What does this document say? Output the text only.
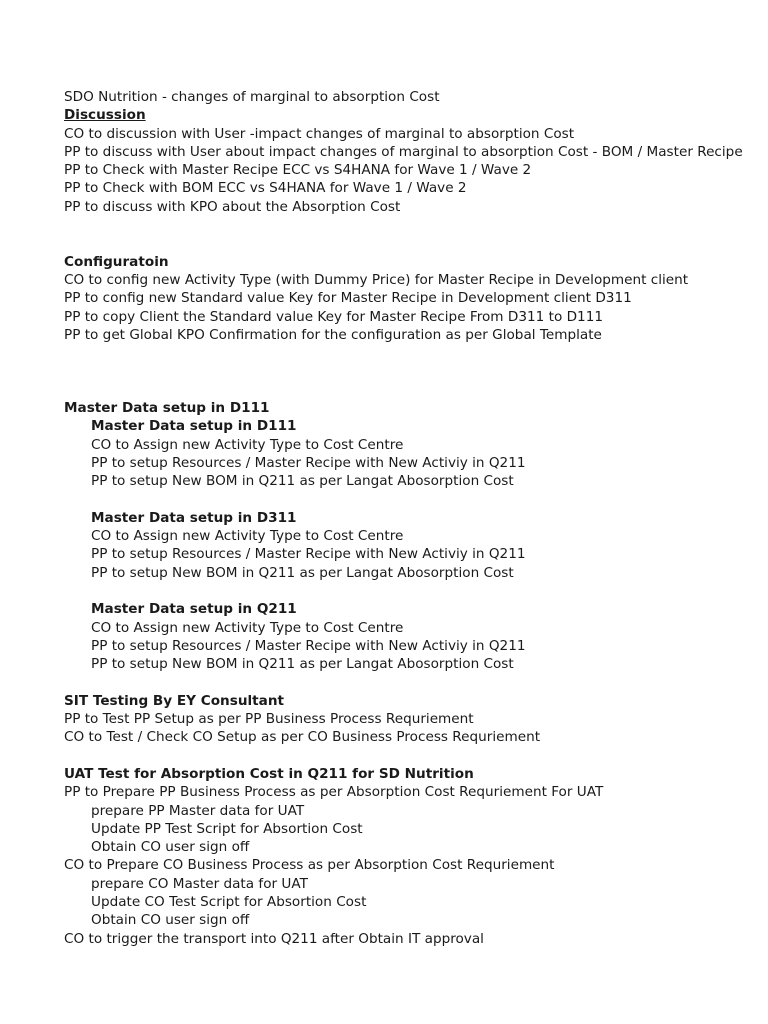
SDO Nutrition - changes of marginal to absorption Cost
Discussion
CO to discussion with User -impact changes of marginal to absorption Cost
PP to discuss with User about impact changes of marginal to absorption Cost - BOM / Master Recipe
PP to Check with Master Recipe ECC vs S4HANA for Wave 1 / Wave 2
PP to Check with BOM ECC vs S4HANA for Wave 1 / Wave 2
PP to discuss with KPO about the Absorption Cost
Configuratoin
CO to config new Activity Type (with Dummy Price) for Master Recipe in Development client
PP to config new Standard value Key for Master Recipe in Development client D311
PP to copy Client the Standard value Key for Master Recipe From D311 to D111
PP to get Global KPO Confirmation for the configuration as per Global Template
Master Data setup in D111
Master Data setup in D111
CO to Assign new Activity Type to Cost Centre
PP to setup Resources / Master Recipe with New Activiy in Q211
PP to setup New BOM in Q211 as per Langat Abosorption Cost
Master Data setup in D311
CO to Assign new Activity Type to Cost Centre
PP to setup Resources / Master Recipe with New Activiy in Q211
PP to setup New BOM in Q211 as per Langat Abosorption Cost
Master Data setup in Q211
CO to Assign new Activity Type to Cost Centre
PP to setup Resources / Master Recipe with New Activiy in Q211
PP to setup New BOM in Q211 as per Langat Abosorption Cost
SIT Testing By EY Consultant
PP to Test PP Setup as per PP Business Process Requriement
CO to Test / Check CO Setup as per CO Business Process Requriement
UAT Test for Absorption Cost in Q211 for SD Nutrition
PP to Prepare PP Business Process as per Absorption Cost Requriement For UAT
prepare PP Master data for UAT
Update PP Test Script for Absortion Cost
Obtain CO user sign off
CO to Prepare CO Business Process as per Absorption Cost Requriement
prepare CO Master data for UAT
Update CO Test Script for Absortion Cost
Obtain CO user sign off
CO to trigger the transport into Q211 after Obtain IT approval
